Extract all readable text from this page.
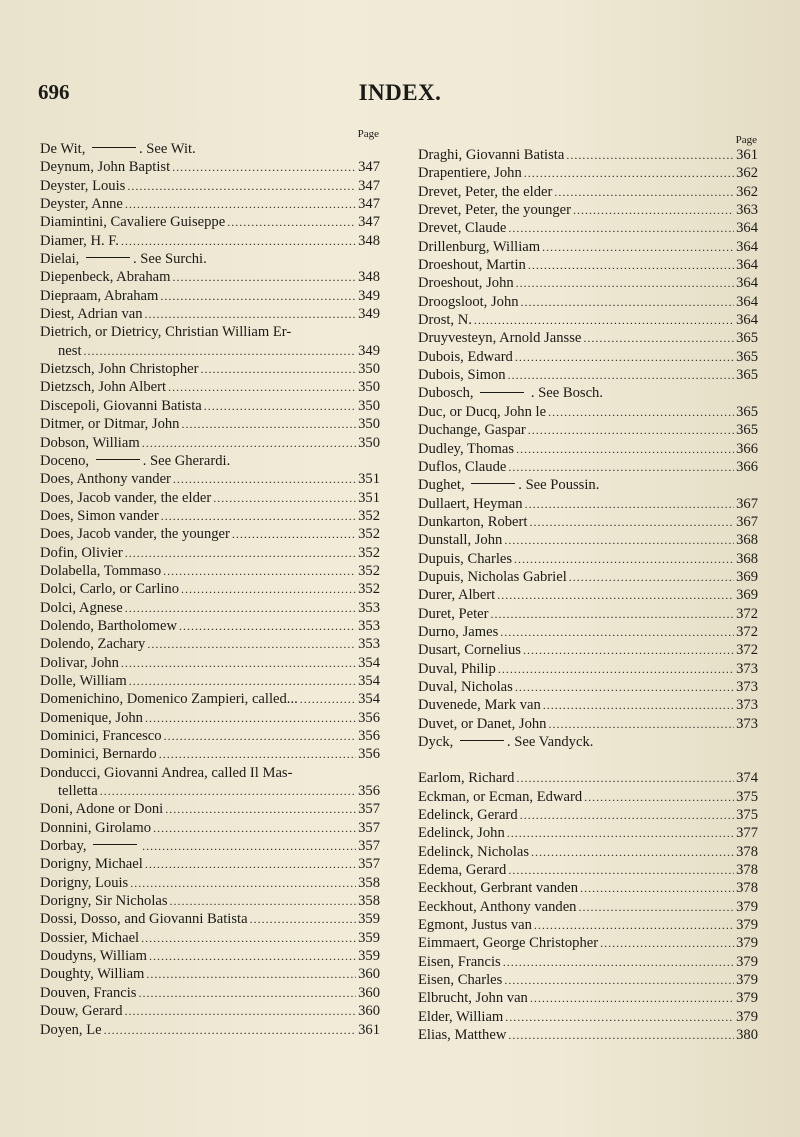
696	INDEX.
Page
De Wit,	. See Wit.
Deynum, John Baptist .....	347
Deyster, Louis .....	347
Deyster, Anne .....	347
Diamintini, Cavaliere Guiseppe .....	347
Diamer, H. F. .....	348
Dielai,	. See Surchi.
Diepenbeck, Abraham .....	348
Diepraam, Abraham .....	349
Diest, Adrian van .....	349
Dietrich, or Dietricy, Christian William Er-
nest .....	349
Dietzsch, John Christopher .....	350
Dietzsch, John Albert .....	350
Discepoli, Giovanni Batista .....	350
Ditmer, or Ditmar, John .....	350
Dobson, William .....	350
Doceno,	. See Gherardi.
Does, Anthony vander .....	351
Does, Jacob vander, the elder .....	351
Does, Simon vander .....	352
Does, Jacob vander, the younger .....	352
Dofin, Olivier .....	352
Dolabella, Tommaso .....	352
Dolci, Carlo, or Carlino .....	352
Dolci, Agnese .....	353
Dolendo, Bartholomew .....	353
Dolendo, Zachary .....	353
Dolivar, John .....	354
Dolle, William .....	354
Domenichino, Domenico Zampieri, called... .....	354
Domenique, John .....	356
Dominici, Francesco .....	356
Dominici, Bernardo .....	356
Donducci, Giovanni Andrea, called Il Mas-
telletta .....	356
Doni, Adone or Doni .....	357
Donnini, Girolamo .....	357
Dorbay, .....	357
Dorigny, Michael .....	357
Dorigny, Louis .....	358
Dorigny, Sir Nicholas .....	358
Dossi, Dosso, and Giovanni Batista .....	359
Dossier, Michael .....	359
Doudyns, William .....	359
Doughty, William .....	360
Douven, Francis .....	360
Douw, Gerard .....	360
Doyen, Le .....	361
Page
Draghi, Giovanni Batista .....	361
Drapentiere, John .....	362
Drevet, Peter, the elder .....	362
Drevet, Peter, the younger .....	363
Drevet, Claude .....	364
Drillenburg, William .....	364
Droeshout, Martin .....	364
Droeshout, John .....	364
Droogsloot, John .....	364
Drost, N. .....	364
Druyvesteyn, Arnold Jansse .....	365
Dubois, Edward .....	365
Dubois, Simon .....	365
Dubosch,	. See Bosch.
Duc, or Ducq, John le .....	365
Duchange, Gaspar .....	365
Dudley, Thomas .....	366
Duflos, Claude .....	366
Dughet,	. See Poussin.
Dullaert, Heyman .....	367
Dunkarton, Robert .....	367
Dunstall, John .....	368
Dupuis, Charles .....	368
Dupuis, Nicholas Gabriel .....	369
Durer, Albert .....	369
Duret, Peter .....	372
Durno, James .....	372
Dusart, Cornelius .....	372
Duval, Philip .....	373
Duval, Nicholas .....	373
Duvenede, Mark van .....	373
Duvet, or Danet, John .....	373
Dyck,	. See Vandyck.
Earlom, Richard .....	374
Eckman, or Ecman, Edward .....	375
Edelinck, Gerard .....	375
Edelinck, John .....	377
Edelinck, Nicholas .....	378
Edema, Gerard .....	378
Eeckhout, Gerbrant vanden .....	378
Eeckhout, Anthony vanden .....	379
Egmont, Justus van .....	379
Eimmaert, George Christopher .....	379
Eisen, Francis .....	379
Eisen, Charles .....	379
Elbrucht, John van .....	379
Elder, William .....	379
Elias, Matthew .....	380
